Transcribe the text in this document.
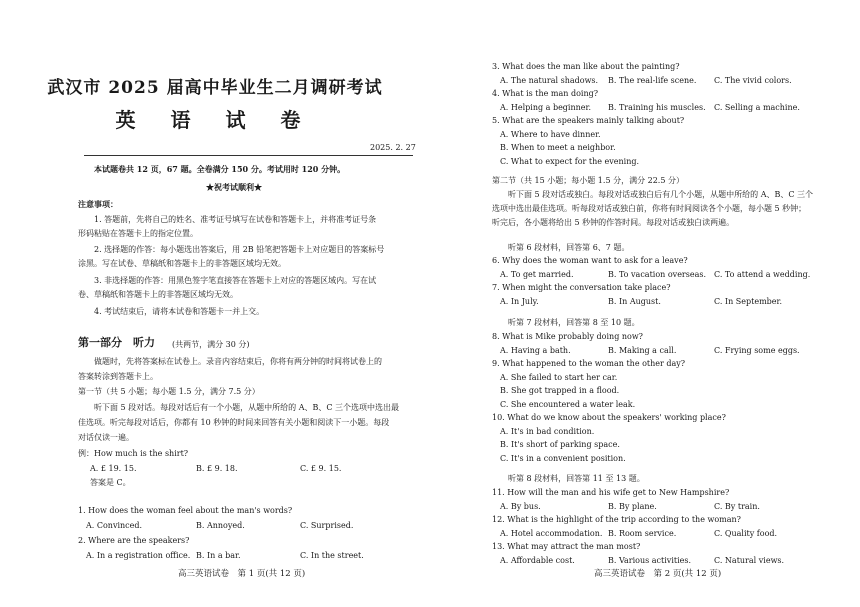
武汉市 2025 届高中毕业生二月调研考试
英 语 试 卷
2025. 2. 27
本试题卷共 12 页，67 题。全卷满分 150 分。考试用时 120 分钟。
★祝考试顺利★
注意事项：
1. 答题前，先将自己的姓名、准考证号填写在试卷和答题卡上，并将准考证号条
形码粘贴在答题卡上的指定位置。
2. 选择题的作答：每小题选出答案后，用 2B 铅笔把答题卡上对应题目的答案标号
涂黑。写在试卷、草稿纸和答题卡上的非答题区域均无效。
3. 非选择题的作答：用黑色签字笔直接答在答题卡上对应的答题区域内。写在试
卷、草稿纸和答题卡上的非答题区域均无效。
4. 考试结束后，请将本试卷和答题卡一并上交。
第一部分　听力 (共两节，满分 30 分)
做题时，先将答案标在试卷上。录音内容结束后，你将有两分钟的时间将试卷上的
答案转涂到答题卡上。
第一节（共 5 小题；每小题 1.5 分，满分 7.5 分）
听下面 5 段对话。每段对话后有一个小题，从题中所给的 A、B、C 三个选项中选出最
佳选项。听完每段对话后，你都有 10 秒钟的时间来回答有关小题和阅读下一小题。每段
对话仅读一遍。
例：How much is the shirt?
A. £ 19. 15.	B. £ 9. 18.	C. £ 9. 15.
答案是 C。
1. How does the woman feel about the man's words?
A. Convinced.	B. Annoyed.	C. Surprised.
2. Where are the speakers?
A. In a registration office. B. In a bar.	C. In the street.
高三英语试卷　第 1 页(共 12 页)
3. What does the man like about the painting?
A. The natural shadows. B. The real-life scene. C. The vivid colors.
4. What is the man doing?
A. Helping a beginner. B. Training his muscles. C. Selling a machine.
5. What are the speakers mainly talking about?
A. Where to have dinner.
B. When to meet a neighbor.
C. What to expect for the evening.
第二节（共 15 小题；每小题 1.5 分，满分 22.5 分）
听下面 5 段对话或独白。每段对话或独白后有几个小题，从题中所给的 A、B、C 三个
选项中选出最佳选项。听每段对话或独白前，你将有时间阅读各个小题，每小题 5 秒钟；
听完后，各小题将给出 5 秒钟的作答时间。每段对话或独白读两遍。
听第 6 段材料，回答第 6、7 题。
6. Why does the woman want to ask for a leave?
A. To get married.	B. To vacation overseas. C. To attend a wedding.
7. When might the conversation take place?
A. In July.	B. In August.	C. In September.
听第 7 段材料，回答第 8 至 10 题。
8. What is Mike probably doing now?
A. Having a bath.	B. Making a call.	C. Frying some eggs.
9. What happened to the woman the other day?
A. She failed to start her car.
B. She got trapped in a flood.
C. She encountered a water leak.
10. What do we know about the speakers' working place?
A. It's in bad condition.
B. It's short of parking space.
C. It's in a convenient position.
听第 8 段材料，回答第 11 至 13 题。
11. How will the man and his wife get to New Hampshire?
A. By bus.	B. By plane.	C. By train.
12. What is the highlight of the trip according to the woman?
A. Hotel accommodation. B. Room service.	C. Quality food.
13. What may attract the man most?
A. Affordable cost.	B. Various activities.	C. Natural views.
高三英语试卷　第 2 页(共 12 页)
